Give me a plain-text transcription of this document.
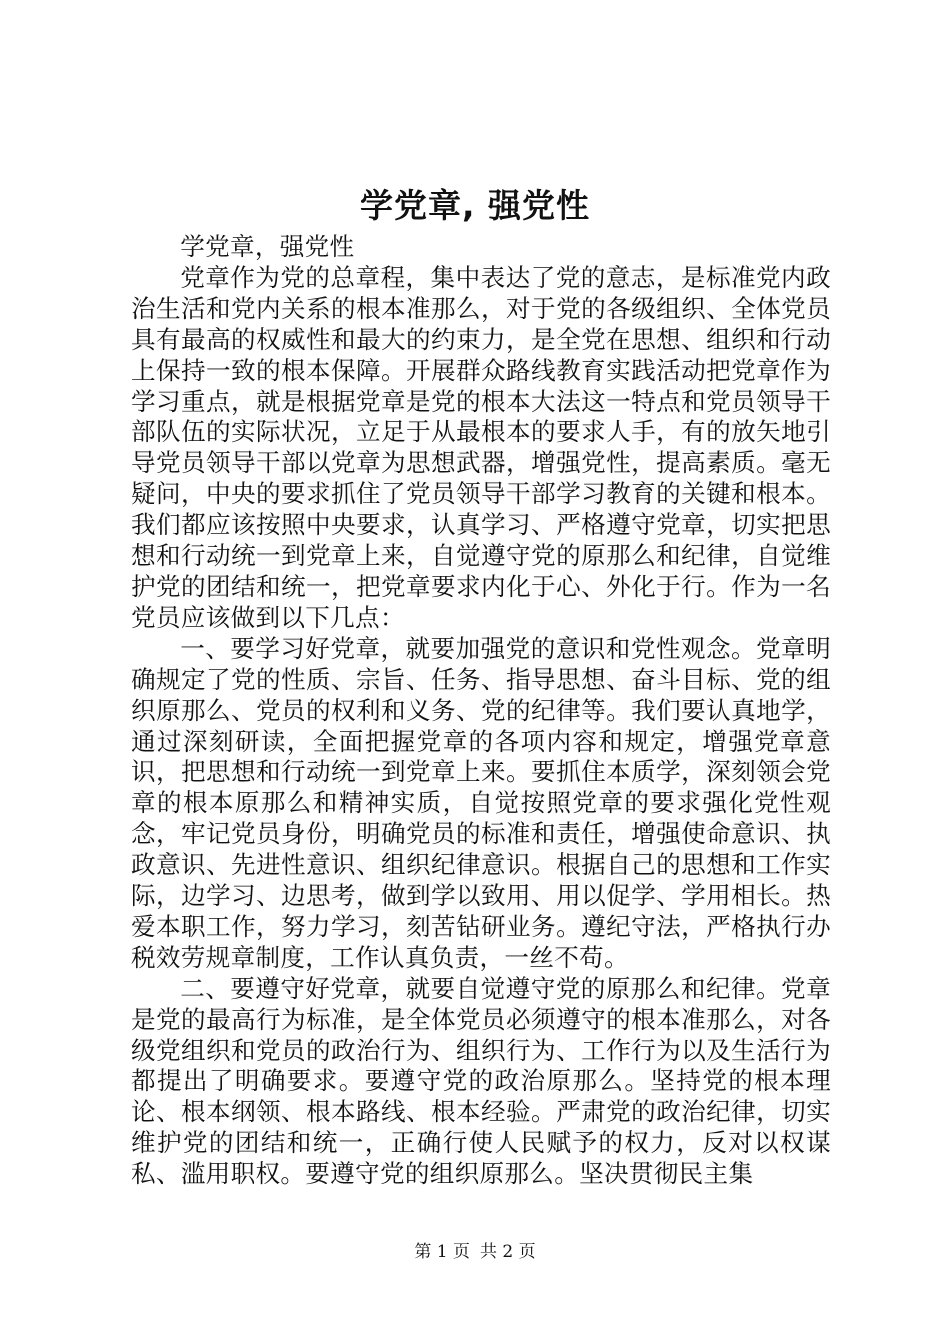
学党章, 强党性

学党章，强党性

党章作为党的总章程，集中表达了党的意志，是标准党内政治生活和党内关系的根本准那么，对于党的各级组织、全体党员具有最高的权威性和最大的约束力，是全党在思想、组织和行动上保持一致的根本保障。开展群众路线教育实践活动把党章作为学习重点，就是根据党章是党的根本大法这一特点和党员领导干部队伍的实际状况，立足于从最根本的要求人手，有的放矢地引导党员领导干部以党章为思想武器，增强党性，提高素质。毫无疑问，中央的要求抓住了党员领导干部学习教育的关键和根本。我们都应该按照中央要求，认真学习、严格遵守党章，切实把思想和行动统一到党章上来，自觉遵守党的原那么和纪律，自觉维护党的团结和统一，把党章要求内化于心、外化于行。作为一名党员应该做到以下几点：

一、要学习好党章，就要加强党的意识和党性观念。党章明确规定了党的性质、宗旨、任务、指导思想、奋斗目标、党的组织原那么、党员的权利和义务、党的纪律等。我们要认真地学，通过深刻研读，全面把握党章的各项内容和规定，增强党章意识，把思想和行动统一到党章上来。要抓住本质学，深刻领会党章的根本原那么和精神实质，自觉按照党章的要求强化党性观念，牢记党员身份，明确党员的标准和责任，增强使命意识、执政意识、先进性意识、组织纪律意识。根据自己的思想和工作实际，边学习、边思考，做到学以致用、用以促学、学用相长。热爱本职工作，努力学习，刻苦钻研业务。遵纪守法，严格执行办税效劳规章制度，工作认真负责，一丝不苟。

二、要遵守好党章，就要自觉遵守党的原那么和纪律。党章是党的最高行为标准，是全体党员必须遵守的根本准那么，对各级党组织和党员的政治行为、组织行为、工作行为以及生活行为都提出了明确要求。要遵守党的政治原那么。坚持党的根本理论、根本纲领、根本路线、根本经验。严肃党的政治纪律，切实维护党的团结和统一，正确行使人民赋予的权力，反对以权谋私、滥用职权。要遵守党的组织原那么。坚决贯彻民主集

第 1 页 共 2 页
